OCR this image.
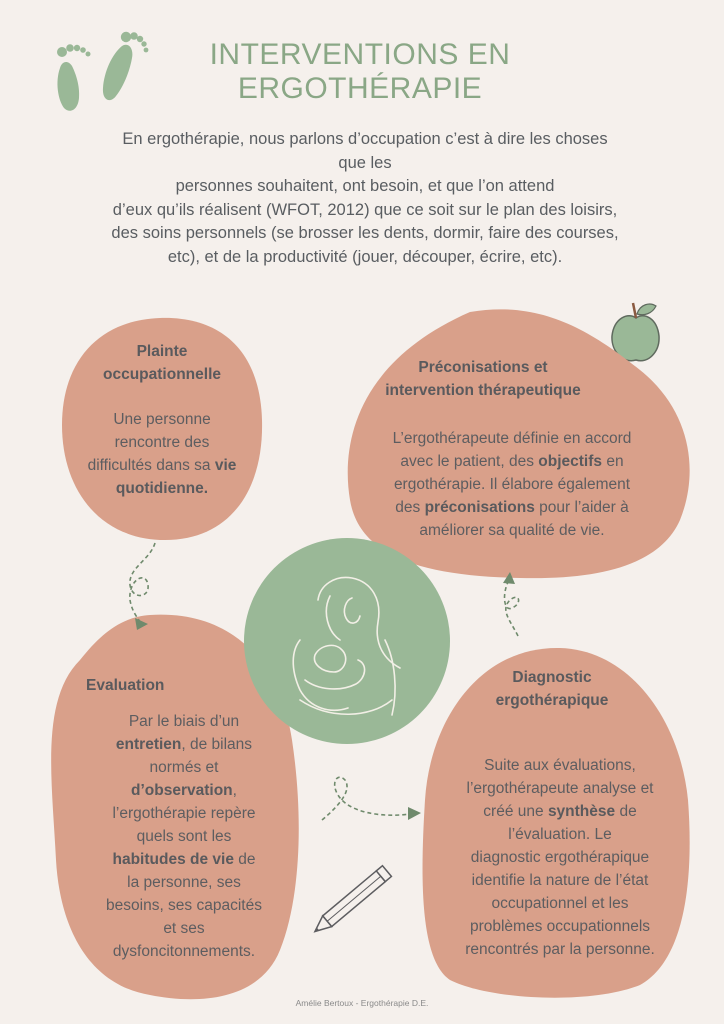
INTERVENTIONS EN
ERGOTHÉRAPIE
En ergothérapie, nous parlons d’occupation c’est à dire les choses
que les
personnes souhaitent, ont besoin, et que l’on attend
d’eux qu’ils réalisent (WFOT, 2012) que ce soit sur le plan des loisirs,
des soins personnels (se brosser les dents, dormir, faire des courses,
etc), et de la productivité (jouer, découper, écrire, etc).
Plainte
occupationnelle
Une personne
rencontre des
difficultés dans sa vie
quotidienne.
Préconisations et
intervention thérapeutique
L’ergothérapeute définie en accord
avec le patient, des objectifs en
ergothérapie. Il élabore également
des préconisations pour l’aider à
améliorer sa qualité de vie.
Evaluation
Par le biais d’un
entretien, de bilans
normés et
d’observation,
l’ergothérapie repère
quels sont les
habitudes de vie de
la personne, ses
besoins, ses capacités
et ses
dysfoncitonnements.
Diagnostic
ergothérapique
Suite aux évaluations,
l’ergothérapeute analyse et
créé une synthèse de
l’évaluation. Le
diagnostic ergothérapique
identifie la nature de l’état
occupationnel et les
problèmes occupationnels
rencontrés par la personne.
Amélie Bertoux - Ergothérapie D.E.
